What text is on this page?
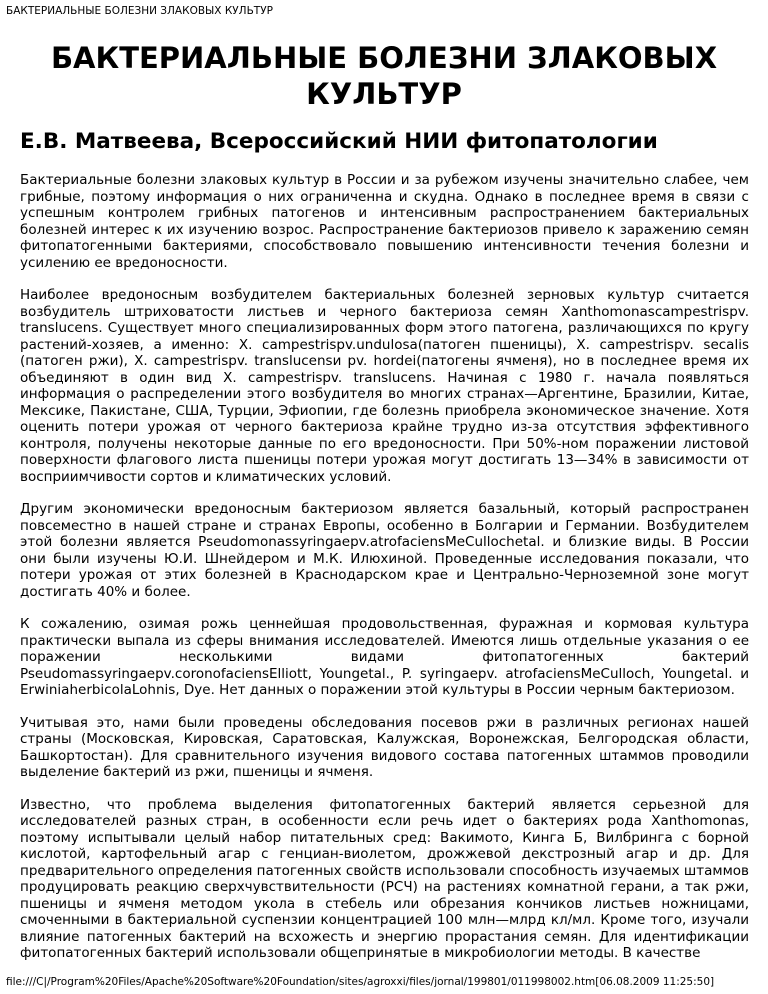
БАКТЕРИАЛЬНЫЕ БОЛЕЗНИ ЗЛАКОВЫХ КУЛЬТУР
БАКТЕРИАЛЬНЫЕ БОЛЕЗНИ ЗЛАКОВЫХ КУЛЬТУР
Е.В. Матвеева, Всероссийский НИИ фитопатологии

Бактериальные болезни злаковых культур в России и за рубежом изучены значительно слабее, чем грибные, поэтому информация о них ограниченна и скудна. Однако в последнее время в связи с успешным контролем грибных патогенов и интенсивным распространением бактериальных болезней интерес к их изучению возрос. Распространение бактериозов привело к заражению семян фитопатогенными бактериями, способствовало повышению интенсивности течения болезни и усилению ее вредоносности.

Наиболее вредоносным возбудителем бактериальных болезней зерновых культур считается возбудитель штриховатости листьев и черного бактериоза семян Xanthomonascampestrispv. translucens. Существует много специализированных форм этого патогена, различающихся по кругу растений-хозяев, а именно: X. campestrispv.undulosa(патоген пшеницы), X. campestrispv. secalis (патоген ржи), X. campestrispv. translucensи pv. hordei(патогены ячменя), но в последнее время их объединяют в один вид X. campestrispv. translucens. Начиная с 1980 г. начала появляться информация о распределении этого возбудителя во многих странах—Аргентине, Бразилии, Китае, Мексике, Пакистане, США, Турции, Эфиопии, где болезнь приобрела экономическое значение. Хотя оценить потери урожая от черного бактериоза крайне трудно из-за отсутствия эффективного контроля, получены некоторые данные по его вредоносности. При 50%-ном поражении листовой поверхности флагового листа пшеницы потери урожая могут достигать 13—34% в зависимости от восприимчивости сортов и климатических условий.

Другим экономически вредоносным бактериозом является базальный, который распространен повсеместно в нашей стране и странах Европы, особенно в Болгарии и Германии. Возбудителем этой болезни является Pseudomonassyringaepv.atrofaciensMeCullochetal. и близкие виды. В России они были изучены Ю.И. Шнейдером и М.К. Илюхиной. Проведенные исследования показали, что потери урожая от этих болезней в Краснодарском крае и Центрально-Черноземной зоне могут достигать 40% и более.

К сожалению, озимая рожь ценнейшая продовольственная, фуражная и кормовая культура практически выпала из сферы внимания исследователей. Имеются лишь отдельные указания о ее поражении несколькими видами фитопатогенных бактерий Pseudomassyringaepv.coronofaciensElliott, Youngetal., P. syringaepv. atrofaciensMeCulloch, Youngetal. и ErwiniaherbicolaLohnis, Dye. Нет данных о поражении этой культуры в России черным бактериозом.

Учитывая это, нами были проведены обследования посевов ржи в различных регионах нашей страны (Московская, Кировская, Саратовская, Калужская, Воронежская, Белгородская области, Башкортостан). Для сравнительного изучения видового состава патогенных штаммов проводили выделение бактерий из ржи, пшеницы и ячменя.

Известно, что проблема выделения фитопатогенных бактерий является серьезной для исследователей разных стран, в особенности если речь идет о бактериях рода Xanthomonas, поэтому испытывали целый набор питательных сред: Вакимото, Кинга Б, Вилбринга с борной кислотой, картофельный агар с генциан-виолетом, дрожжевой декстрозный агар и др. Для предварительного определения патогенных свойств использовали способность изучаемых штаммов продуцировать реакцию сверхчувствительности (РСЧ) на растениях комнатной герани, а так ржи, пшеницы и ячменя методом укола в стебель или обрезания кончиков листьев ножницами, смоченными в бактериальной суспензии концентрацией 100 млн—млрд кл/мл. Кроме того, изучали влияние патогенных бактерий на всхожесть и энергию прорастания семян. Для идентификации фитопатогенных бактерий использовали общепринятые в микробиологии методы. В качестве

file:///C|/Program%20Files/Apache%20Software%20Foundation/sites/agroxxi/files/jornal/199801/011998002.htm[06.08.2009 11:25:50]
